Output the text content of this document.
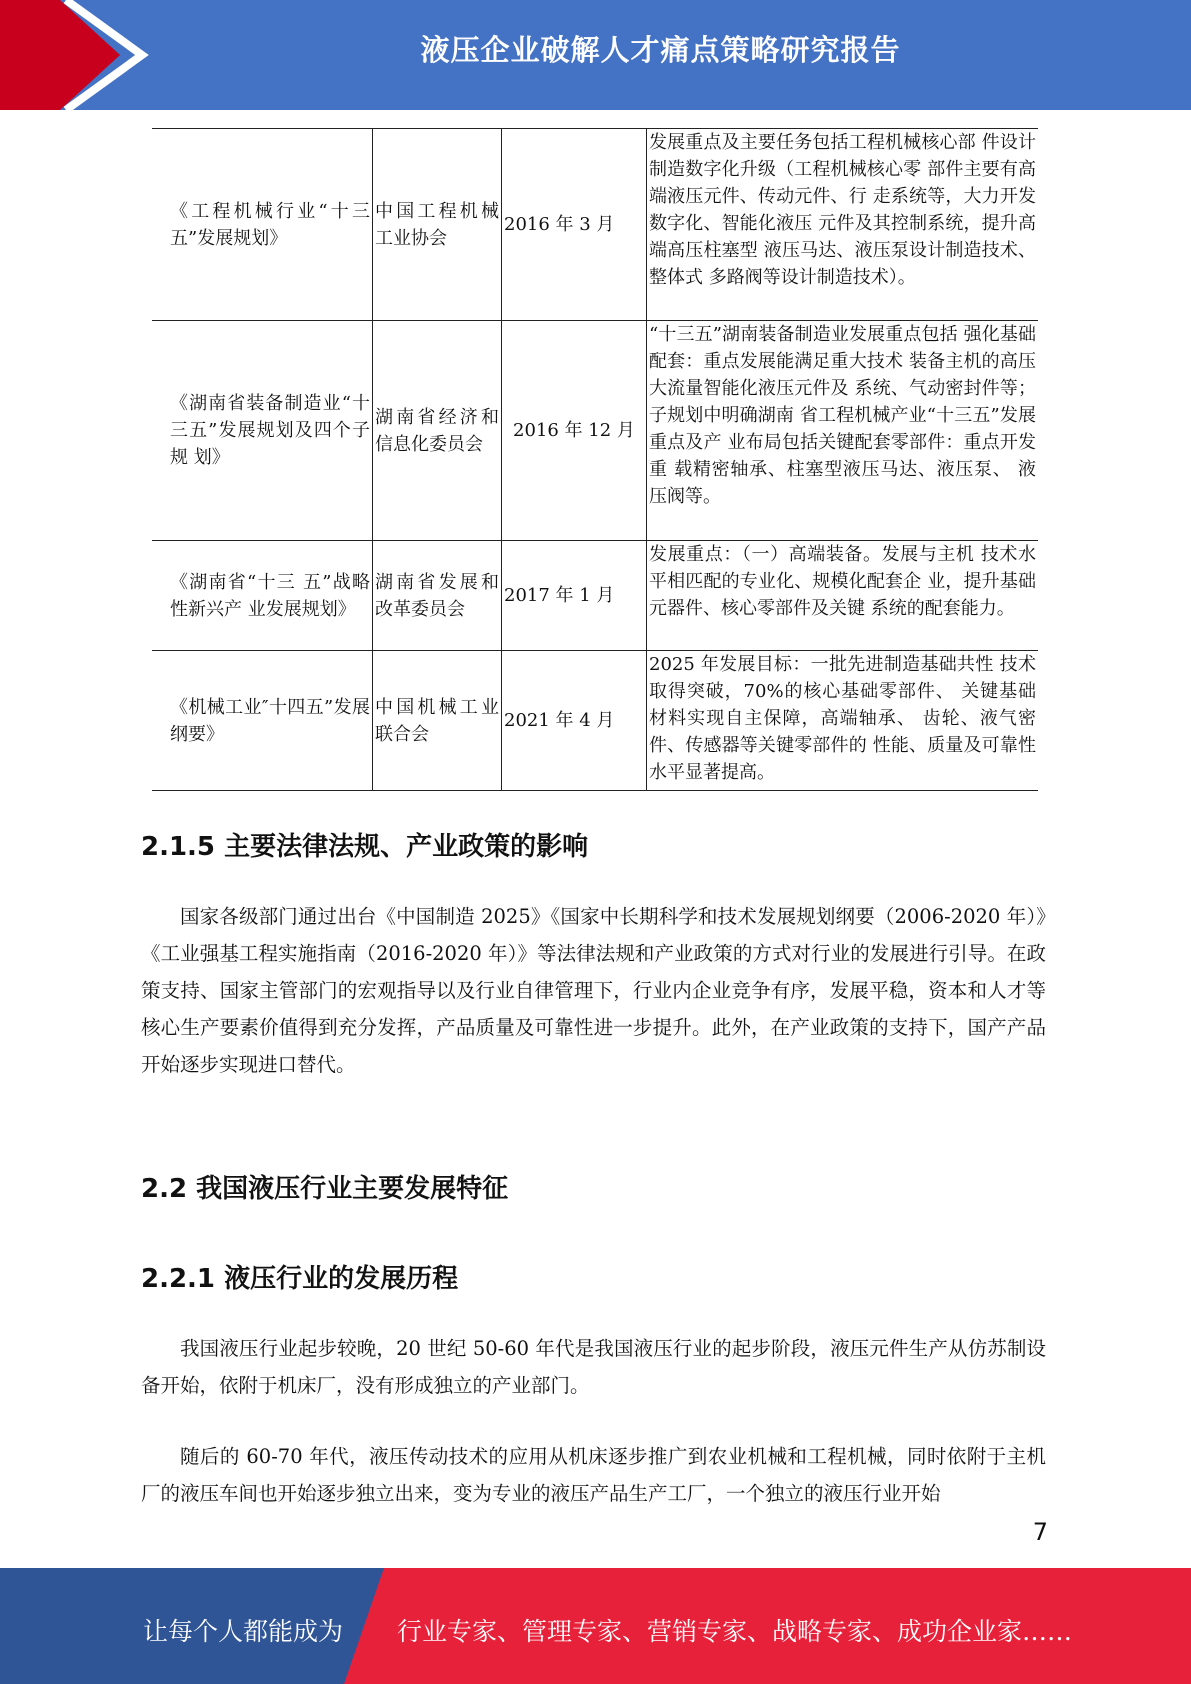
液压企业破解人才痛点策略研究报告
《工程机械行业“十三五”发展规划》	中国工程机械工业协会	2016 年 3 月	发展重点及主要任务包括工程机械核心部 件设计制造数字化升级（工程机械核心零 部件主要有高端液压元件、传动元件、行 走系统等，大力开发数字化、智能化液压 元件及其控制系统，提升高端高压柱塞型 液压马达、液压泵设计制造技术、整体式 多路阀等设计制造技术）。
《湖南省装备制造业“十三五”发展规划及四个子规 划》	湖南省经济和信息化委员会	2016 年 12 月	“十三五”湖南装备制造业发展重点包括 强化基础配套：重点发展能满足重大技术 装备主机的高压大流量智能化液压元件及 系统、气动密封件等；子规划中明确湖南 省工程机械产业“十三五”发展重点及产 业布局包括关键配套零部件：重点开发重 载精密轴承、柱塞型液压马达、液压泵、 液压阀等。
《湖南省“十三 五”战略性新兴产 业发展规划》	湖南省发展和改革委员会	2017 年 1 月	发展重点：（一）高端装备。发展与主机 技术水平相匹配的专业化、规模化配套企 业，提升基础元器件、核心零部件及关键 系统的配套能力。
《机械工业″十四五”发展纲要》	中国机械工业联合会	2021 年 4 月	2025 年发展目标：一批先进制造基础共性 技术取得突破，70%的核心基础零部件、 关键基础材料实现自主保障，高端轴承、 齿轮、液气密件、传感器等关键零部件的 性能、质量及可靠性水平显著提高。
2.1.5 主要法律法规、产业政策的影响

国家各级部门通过出台《中国制造 2025》《国家中长期科学和技术发展规划纲要（2006-2020 年）》《工业强基工程实施指南（2016-2020 年）》等法律法规和产业政策的方式对行业的发展进行引导。在政策支持、国家主管部门的宏观指导以及行业自律管理下，行业内企业竞争有序，发展平稳，资本和人才等核心生产要素价值得到充分发挥，产品质量及可靠性进一步提升。此外，在产业政策的支持下，国产产品开始逐步实现进口替代。

2.2 我国液压行业主要发展特征
2.2.1 液压行业的发展历程

我国液压行业起步较晚，20 世纪 50-60 年代是我国液压行业的起步阶段，液压元件生产从仿苏制设备开始，依附于机床厂，没有形成独立的产业部门。

随后的 60-70 年代，液压传动技术的应用从机床逐步推广到农业机械和工程机械，同时依附于主机厂的液压车间也开始逐步独立出来，变为专业的液压产品生产工厂，一个独立的液压行业开始

7
让每个人都能成为 行业专家、管理专家、营销专家、战略专家、成功企业家……
